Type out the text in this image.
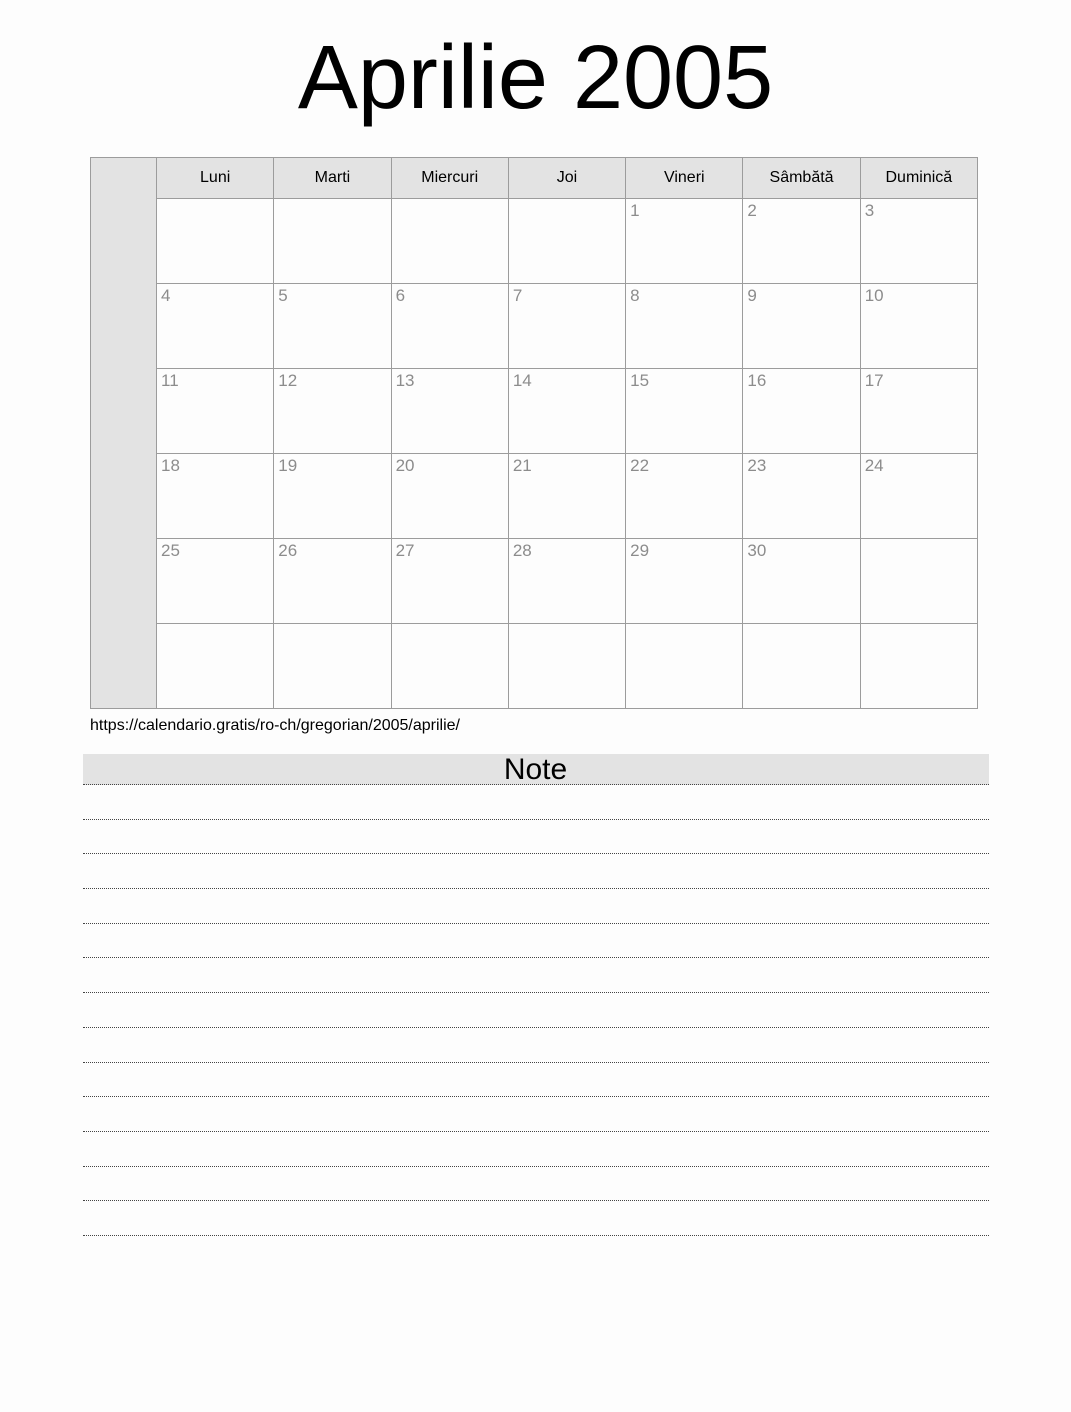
Aprilie 2005
	Luni	Marti	Miercuri	Joi	Vineri	Sâmbătă	Duminică
					1	2	3
	4	5	6	7	8	9	10
	11	12	13	14	15	16	17
	18	19	20	21	22	23	24
	25	26	27	28	29	30	

https://calendario.gratis/ro-ch/gregorian/2005/aprilie/
Note
